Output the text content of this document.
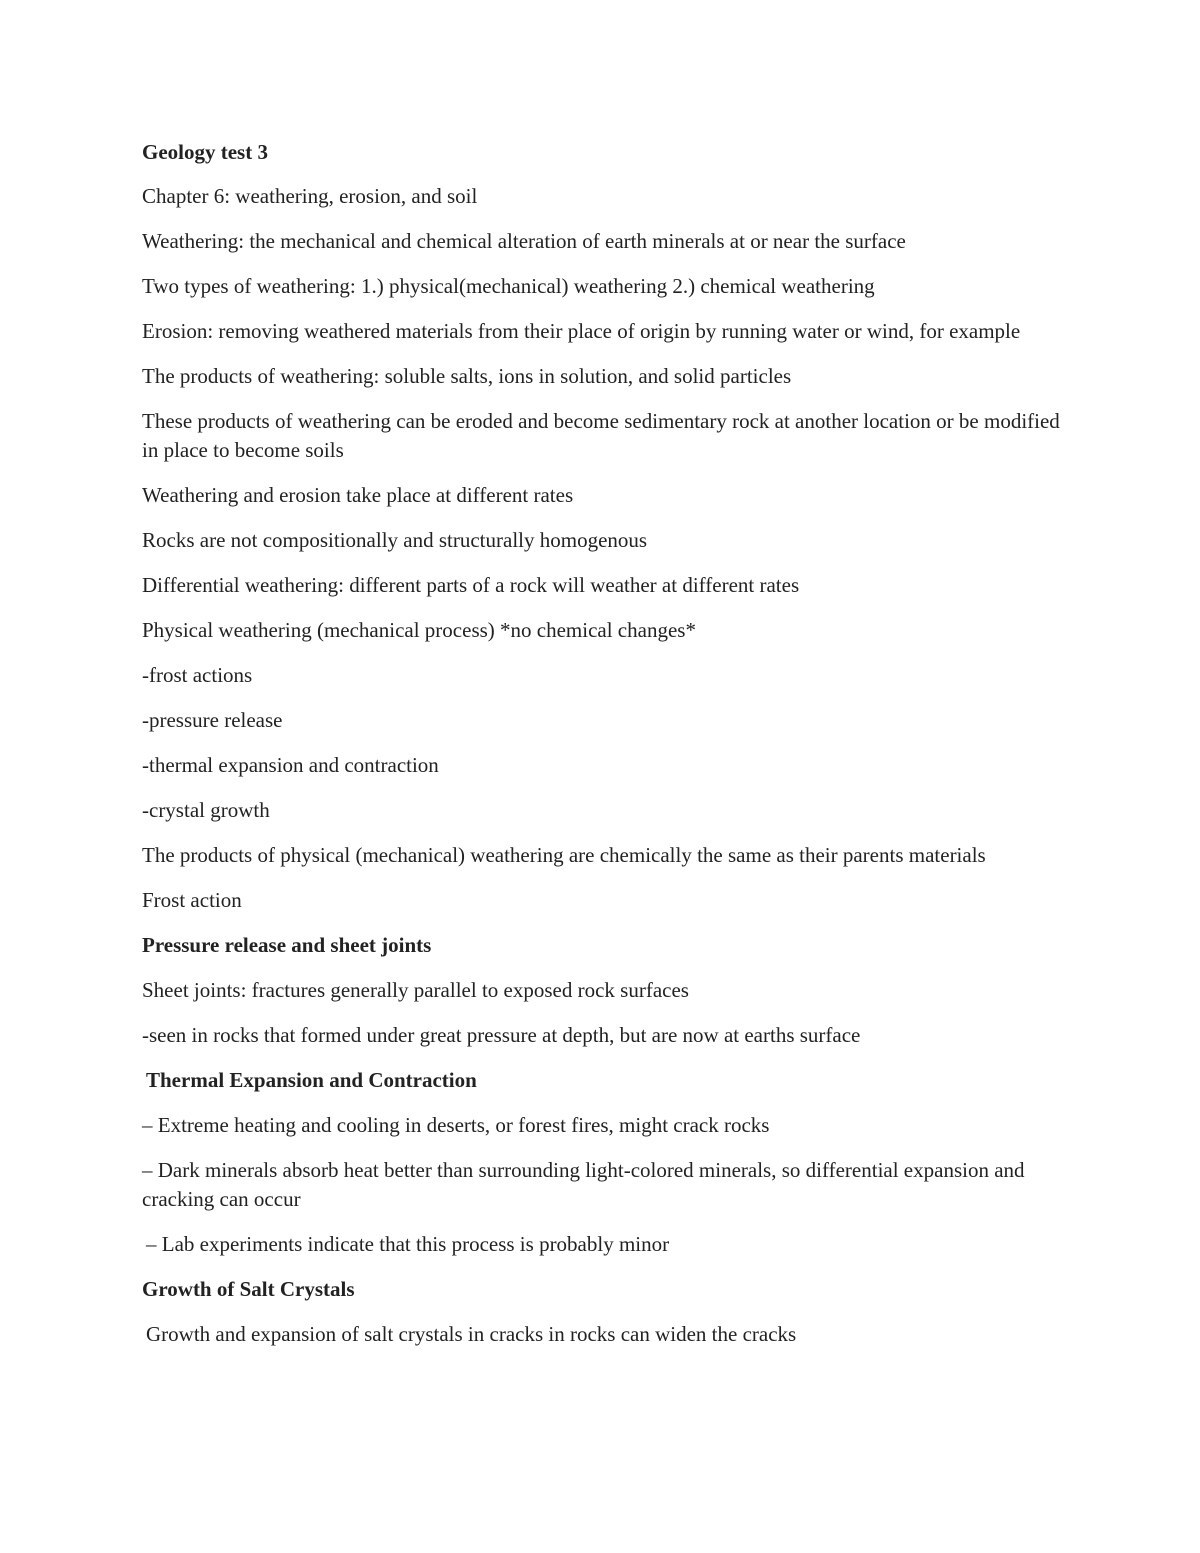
Geology test 3

Chapter 6: weathering, erosion, and soil

Weathering: the mechanical and chemical alteration of earth minerals at or near the surface

Two types of weathering: 1.) physical(mechanical) weathering 2.) chemical weathering

Erosion: removing weathered materials from their place of origin by running water or wind, for example

The products of weathering: soluble salts, ions in solution, and solid particles

These products of weathering can be eroded and become sedimentary rock at another location or be modified in place to become soils

Weathering and erosion take place at different rates

Rocks are not compositionally and structurally homogenous

Differential weathering: different parts of a rock will weather at different rates

Physical weathering (mechanical process) *no chemical changes*

-frost actions

-pressure release

-thermal expansion and contraction

-crystal growth

The products of physical (mechanical) weathering are chemically the same as their parents materials

Frost action

Pressure release and sheet joints

Sheet joints: fractures generally parallel to exposed rock surfaces

-seen in rocks that formed under great pressure at depth, but are now at earths surface

Thermal Expansion and Contraction

– Extreme heating and cooling in deserts, or forest fires, might crack rocks

– Dark minerals absorb heat better than surrounding light-colored minerals, so differential expansion and cracking can occur

– Lab experiments indicate that this process is probably minor

Growth of Salt Crystals

Growth and expansion of salt crystals in cracks in rocks can widen the cracks
